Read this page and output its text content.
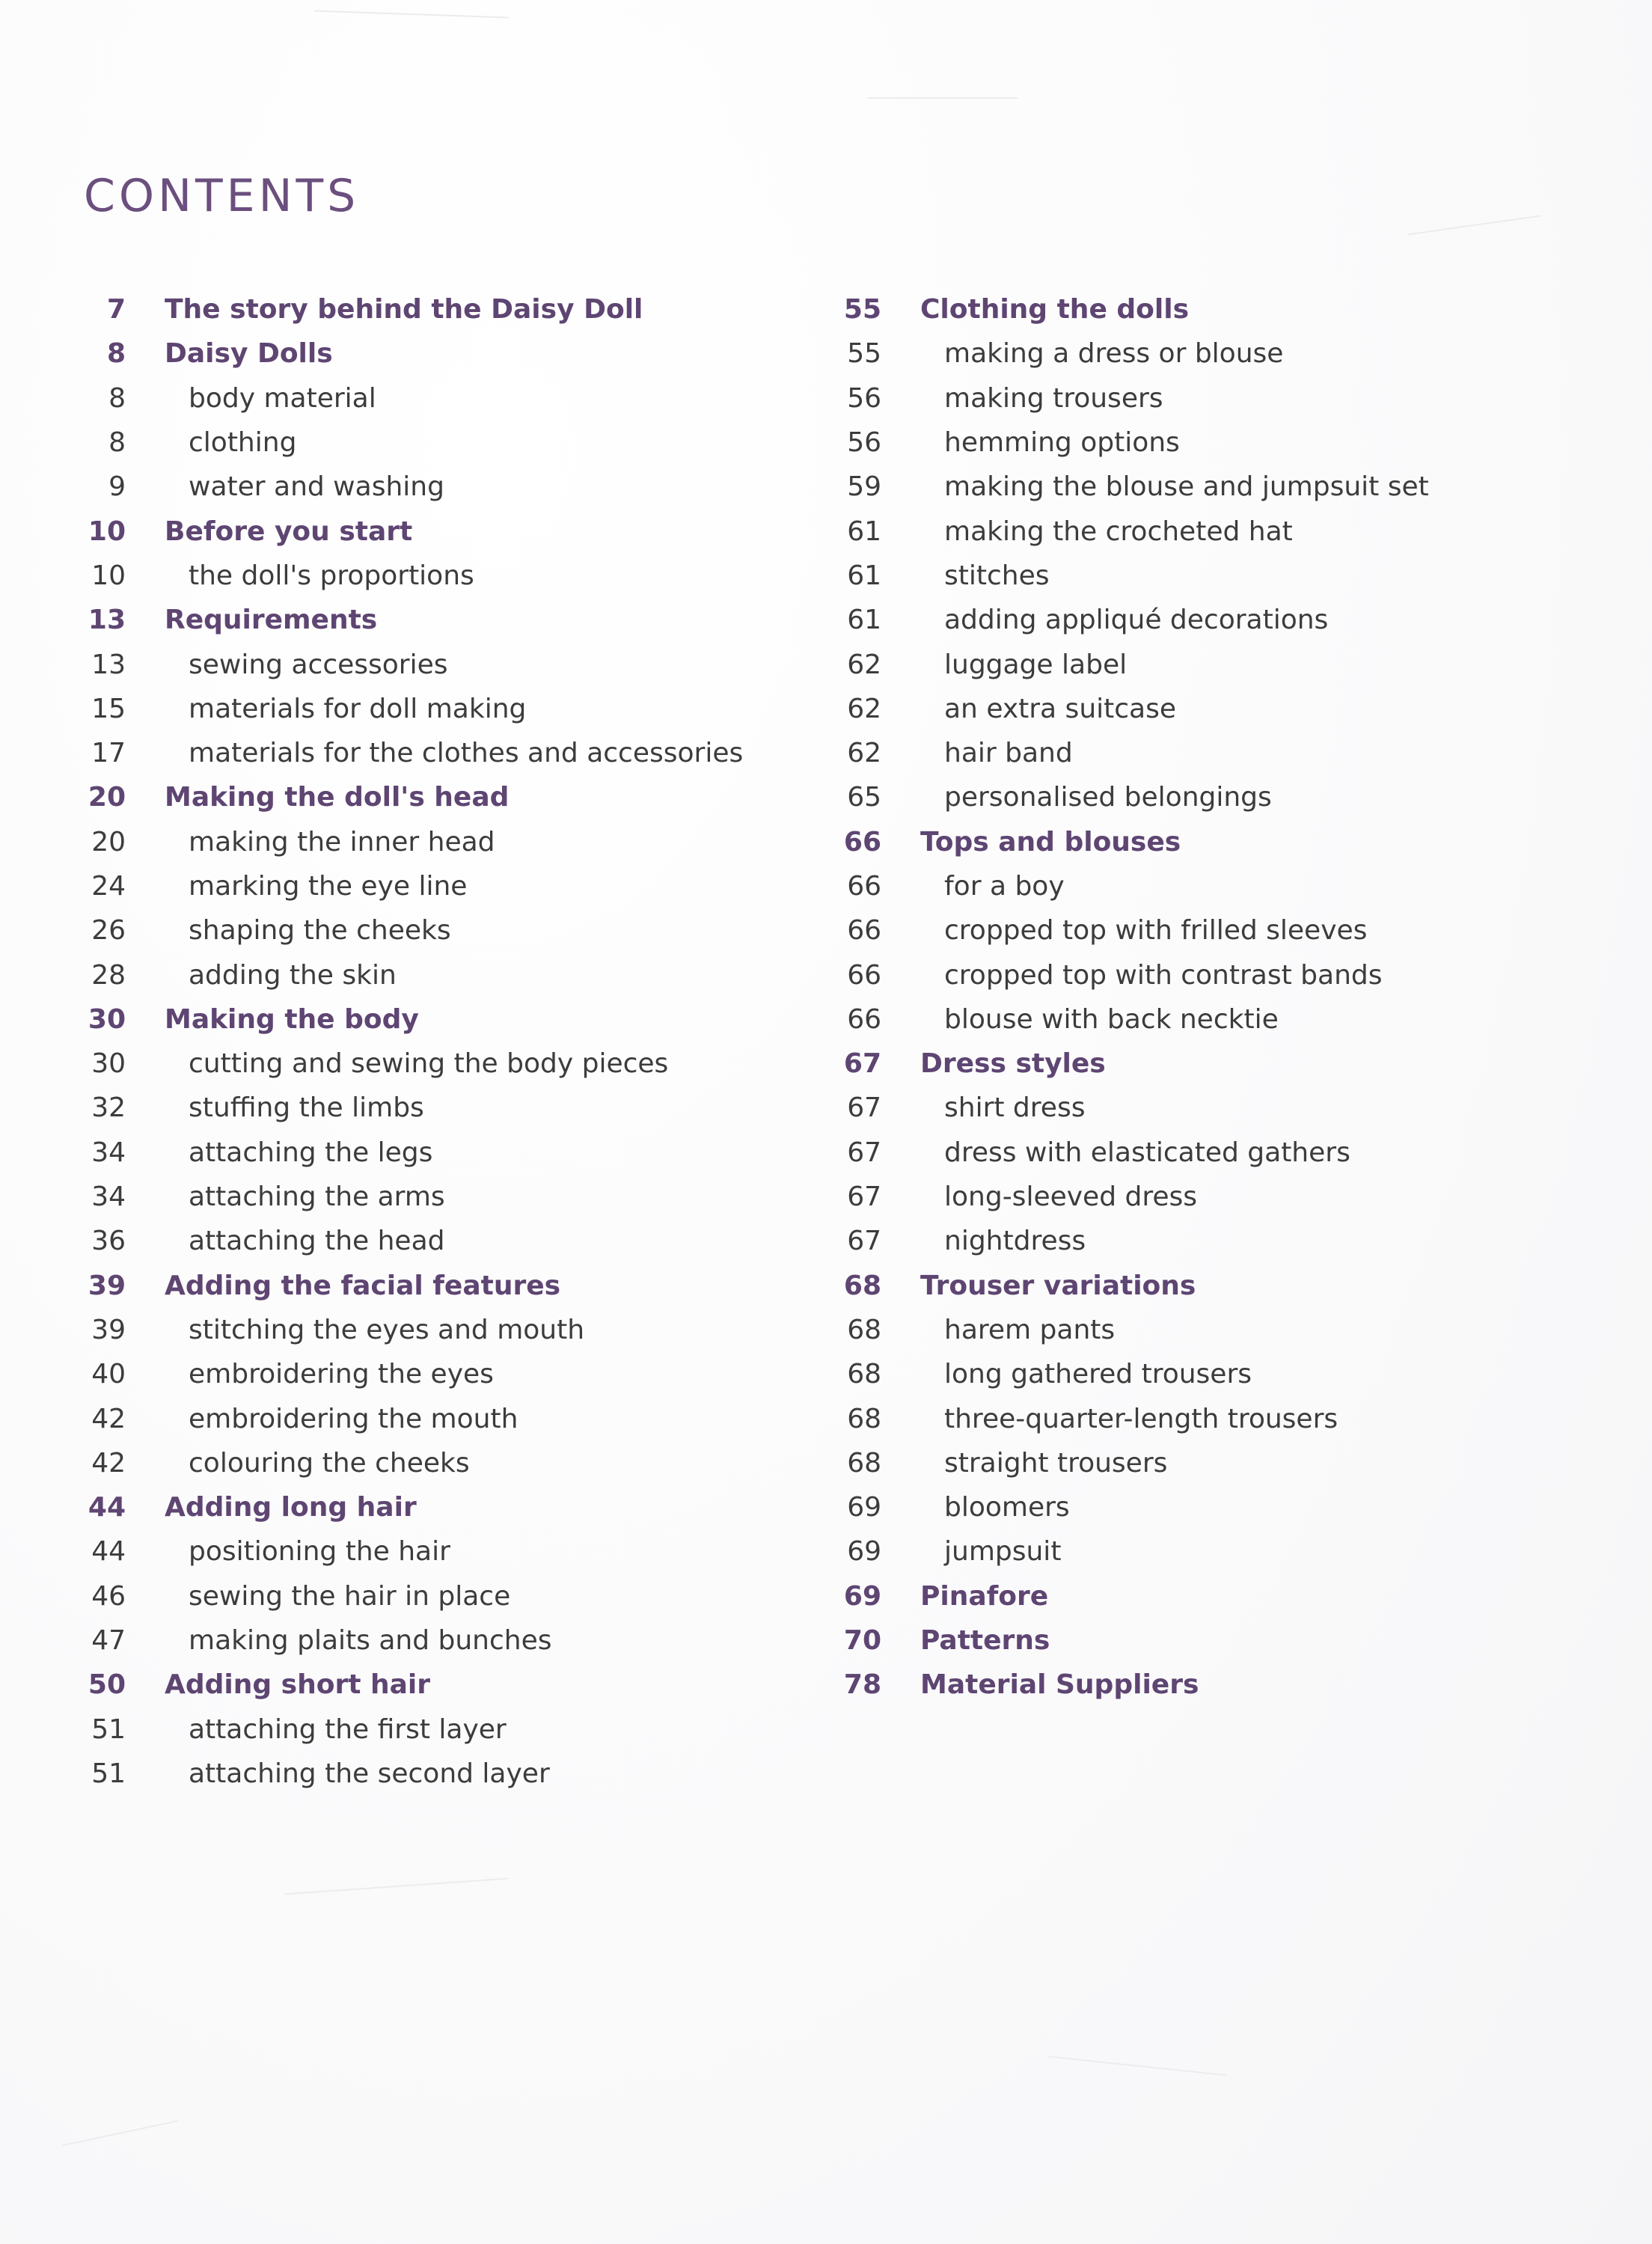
CONTENTS
7 The story behind the Daisy Doll
8 Daisy Dolls
8 body material
8 clothing
9 water and washing
10 Before you start
10 the doll's proportions
13 Requirements
13 sewing accessories
15 materials for doll making
17 materials for the clothes and accessories
20 Making the doll's head
20 making the inner head
24 marking the eye line
26 shaping the cheeks
28 adding the skin
30 Making the body
30 cutting and sewing the body pieces
32 stuffing the limbs
34 attaching the legs
34 attaching the arms
36 attaching the head
39 Adding the facial features
39 stitching the eyes and mouth
40 embroidering the eyes
42 embroidering the mouth
42 colouring the cheeks
44 Adding long hair
44 positioning the hair
46 sewing the hair in place
47 making plaits and bunches
50 Adding short hair
51 attaching the first layer
51 attaching the second layer
55 Clothing the dolls
55 making a dress or blouse
56 making trousers
56 hemming options
59 making the blouse and jumpsuit set
61 making the crocheted hat
61 stitches
61 adding appliqué decorations
62 luggage label
62 an extra suitcase
62 hair band
65 personalised belongings
66 Tops and blouses
66 for a boy
66 cropped top with frilled sleeves
66 cropped top with contrast bands
66 blouse with back necktie
67 Dress styles
67 shirt dress
67 dress with elasticated gathers
67 long-sleeved dress
67 nightdress
68 Trouser variations
68 harem pants
68 long gathered trousers
68 three-quarter-length trousers
68 straight trousers
69 bloomers
69 jumpsuit
69 Pinafore
70 Patterns
78 Material Suppliers
